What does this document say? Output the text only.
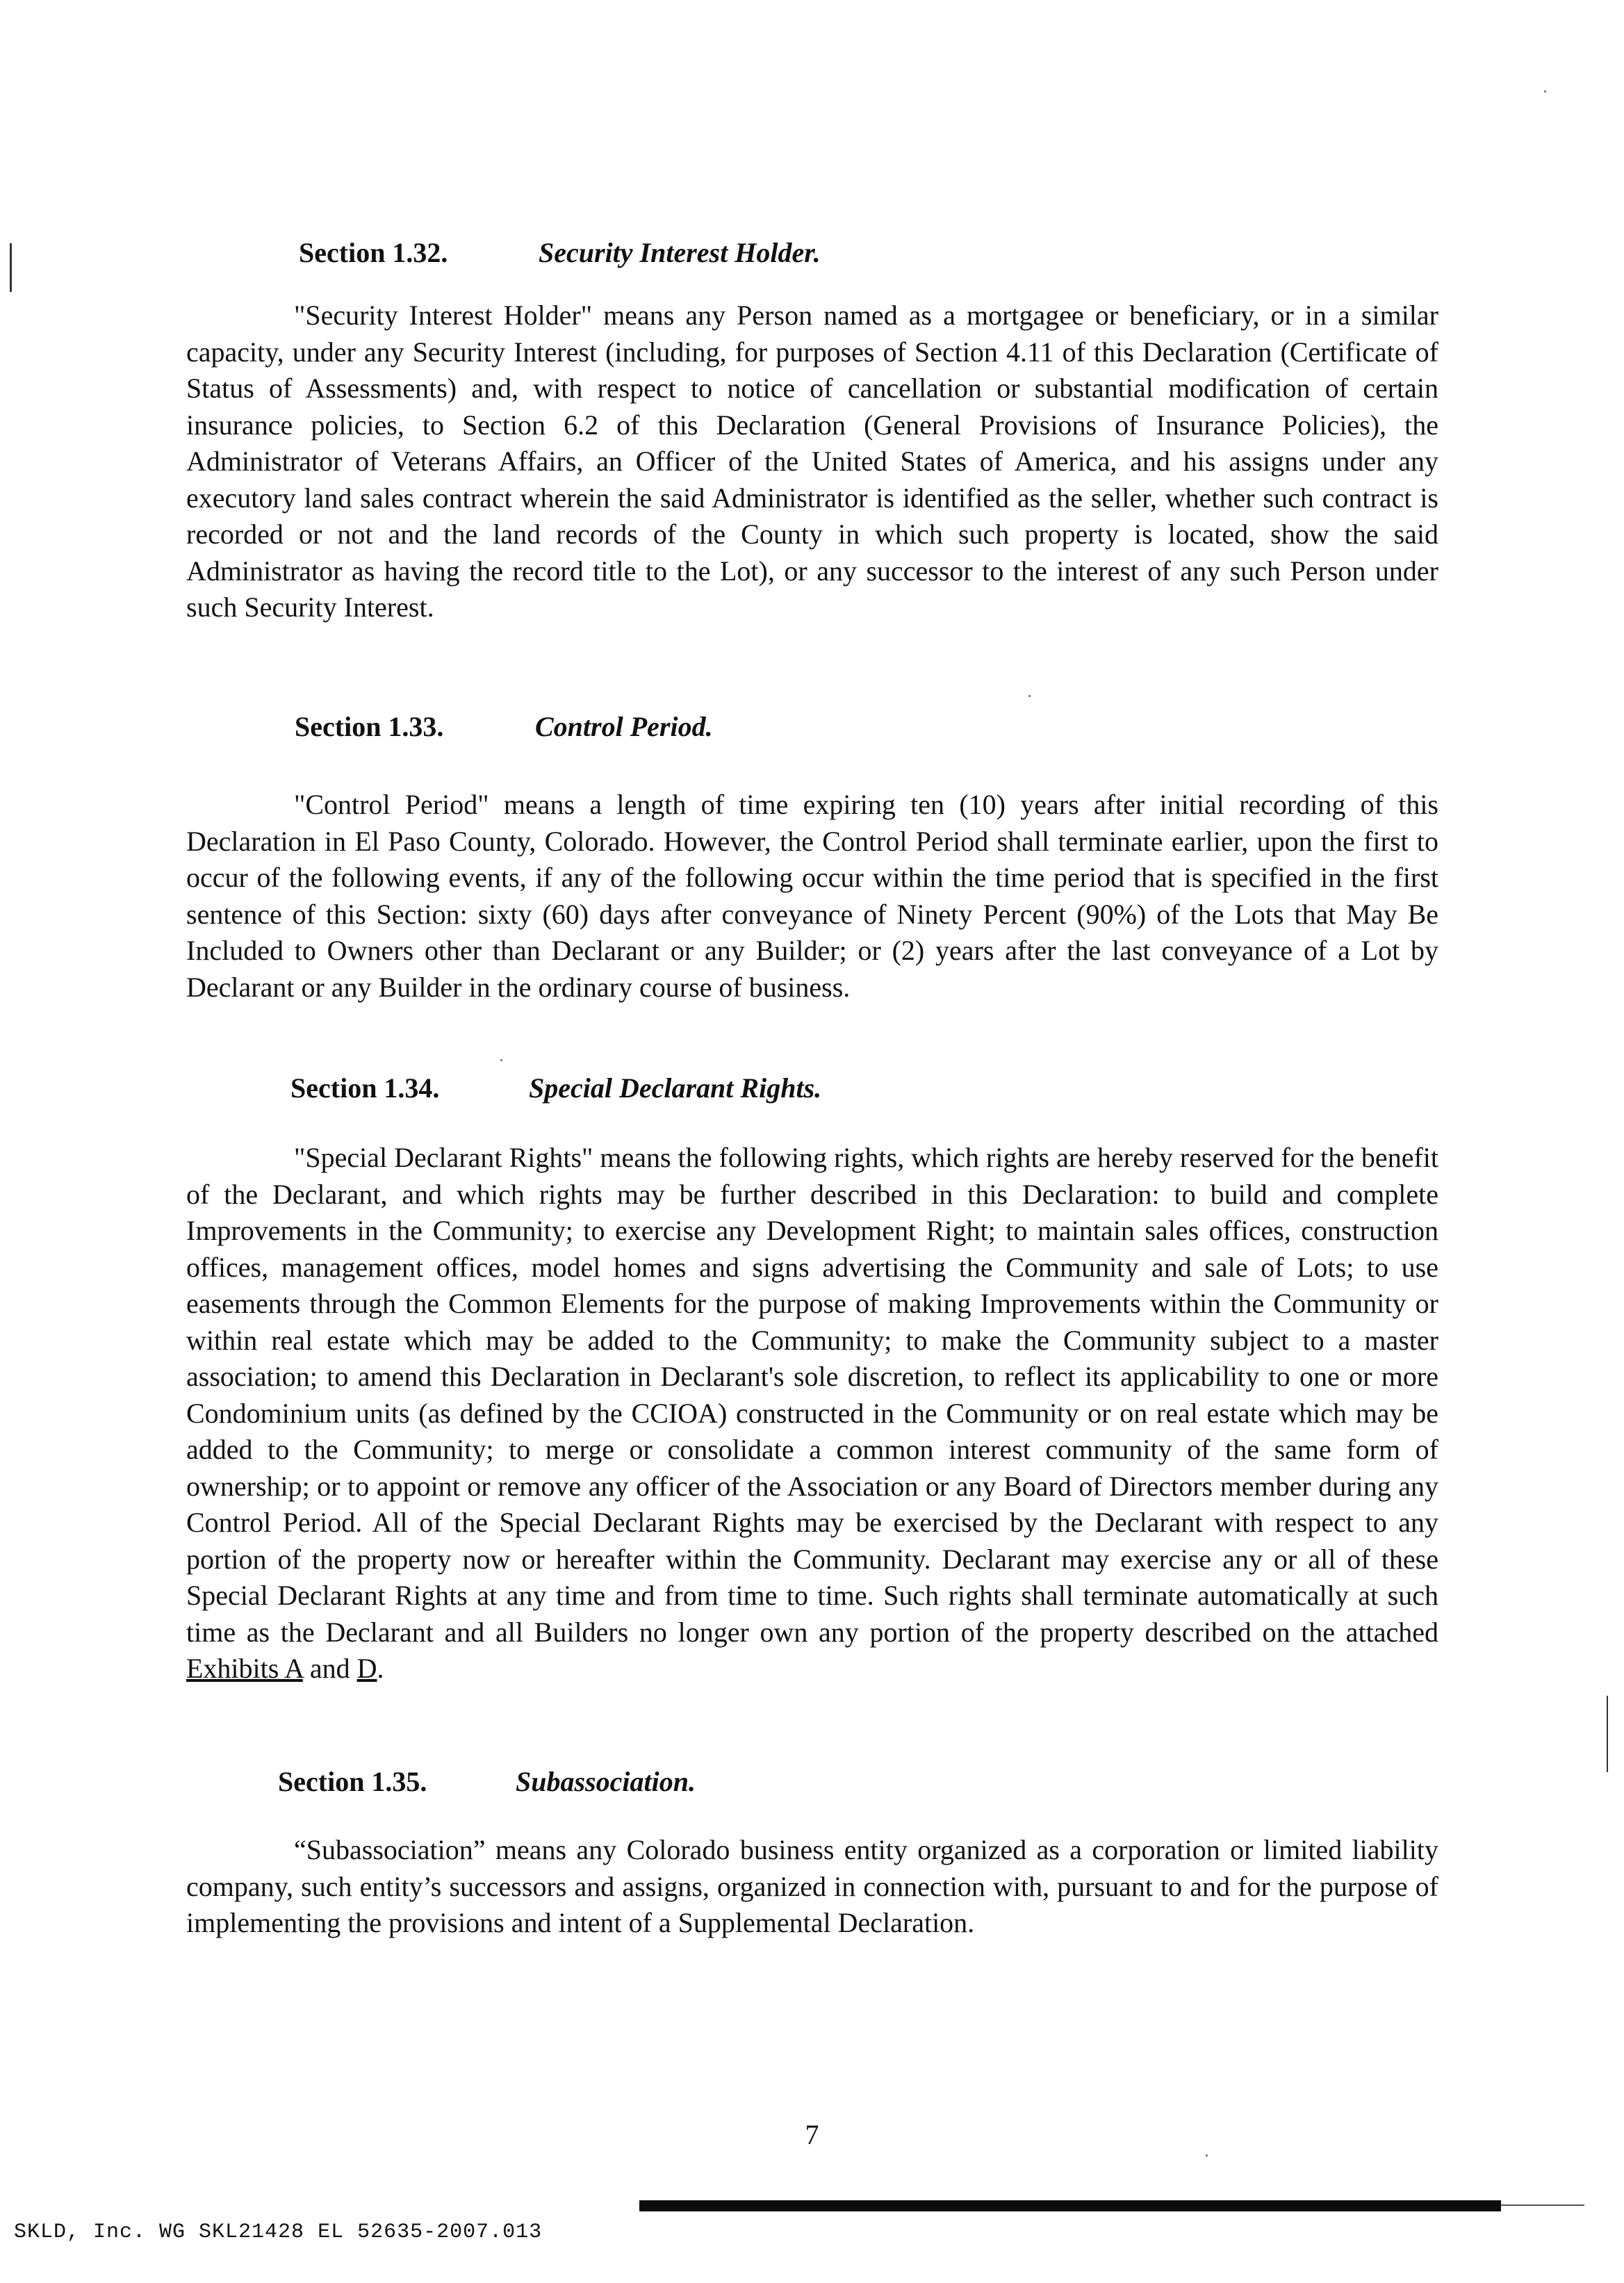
Section 1.32.	Security Interest Holder.

"Security Interest Holder" means any Person named as a mortgagee or beneficiary, or in a similar capacity, under any Security Interest (including, for purposes of Section 4.11 of this Declaration (Certificate of Status of Assessments) and, with respect to notice of cancellation or substantial modification of certain insurance policies, to Section 6.2 of this Declaration (General Provisions of Insurance Policies), the Administrator of Veterans Affairs, an Officer of the United States of America, and his assigns under any executory land sales contract wherein the said Administrator is identified as the seller, whether such contract is recorded or not and the land records of the County in which such property is located, show the said Administrator as having the record title to the Lot), or any successor to the interest of any such Person under such Security Interest.

Section 1.33.	Control Period.

"Control Period" means a length of time expiring ten (10) years after initial recording of this Declaration in El Paso County, Colorado. However, the Control Period shall terminate earlier, upon the first to occur of the following events, if any of the following occur within the time period that is specified in the first sentence of this Section: sixty (60) days after conveyance of Ninety Percent (90%) of the Lots that May Be Included to Owners other than Declarant or any Builder; or (2) years after the last conveyance of a Lot by Declarant or any Builder in the ordinary course of business.

Section 1.34.	Special Declarant Rights.

"Special Declarant Rights" means the following rights, which rights are hereby reserved for the benefit of the Declarant, and which rights may be further described in this Declaration: to build and complete Improvements in the Community; to exercise any Development Right; to maintain sales offices, construction offices, management offices, model homes and signs advertising the Community and sale of Lots; to use easements through the Common Elements for the purpose of making Improvements within the Community or within real estate which may be added to the Community; to make the Community subject to a master association; to amend this Declaration in Declarant's sole discretion, to reflect its applicability to one or more Condominium units (as defined by the CCIOA) constructed in the Community or on real estate which may be added to the Community; to merge or consolidate a common interest community of the same form of ownership; or to appoint or remove any officer of the Association or any Board of Directors member during any Control Period. All of the Special Declarant Rights may be exercised by the Declarant with respect to any portion of the property now or hereafter within the Community. Declarant may exercise any or all of these Special Declarant Rights at any time and from time to time. Such rights shall terminate automatically at such time as the Declarant and all Builders no longer own any portion of the property described on the attached Exhibits A and D.

Section 1.35.	Subassociation.

“Subassociation” means any Colorado business entity organized as a corporation or limited liability company, such entity’s successors and assigns, organized in connection with, pursuant to and for the purpose of implementing the provisions and intent of a Supplemental Declaration.

7
SKLD, Inc. WG SKL21428 EL 52635-2007.013
